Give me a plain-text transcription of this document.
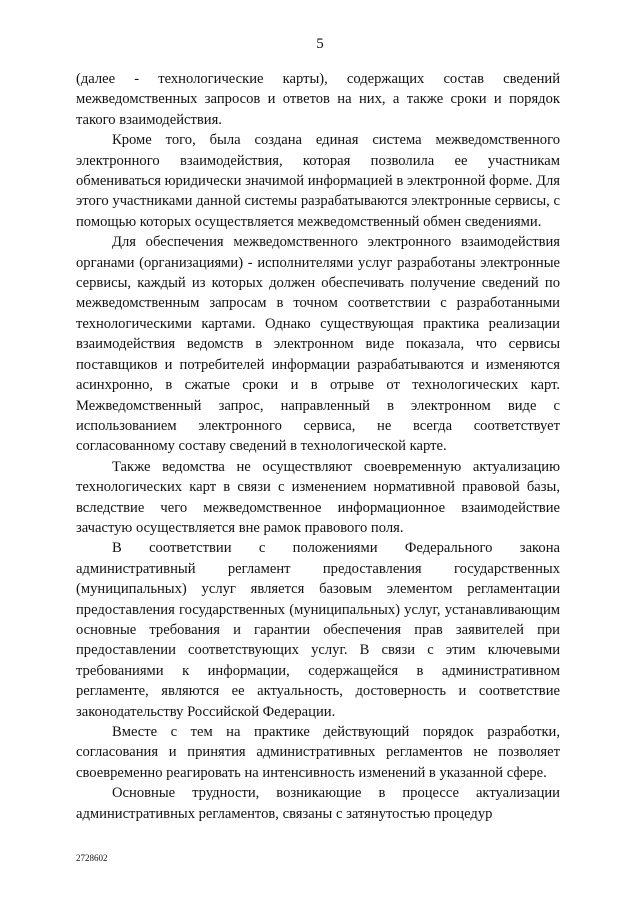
5

(далее - технологические карты), содержащих состав сведений межведомственных запросов и ответов на них, а также сроки и порядок такого взаимодействия.

Кроме того, была создана единая система межведомственного электронного взаимодействия, которая позволила ее участникам обмениваться юридически значимой информацией в электронной форме. Для этого участниками данной системы разрабатываются электронные сервисы, с помощью которых осуществляется межведомственный обмен сведениями.

Для обеспечения межведомственного электронного взаимодействия органами (организациями) - исполнителями услуг разработаны электронные сервисы, каждый из которых должен обеспечивать получение сведений по межведомственным запросам в точном соответствии с разработанными технологическими картами. Однако существующая практика реализации взаимодействия ведомств в электронном виде показала, что сервисы поставщиков и потребителей информации разрабатываются и изменяются асинхронно, в сжатые сроки и в отрыве от технологических карт. Межведомственный запрос, направленный в электронном виде с использованием электронного сервиса, не всегда соответствует согласованному составу сведений в технологической карте.

Также ведомства не осуществляют своевременную актуализацию технологических карт в связи с изменением нормативной правовой базы, вследствие чего межведомственное информационное взаимодействие зачастую осуществляется вне рамок правового поля.

В соответствии с положениями Федерального закона административный регламент предоставления государственных (муниципальных) услуг является базовым элементом регламентации предоставления государственных (муниципальных) услуг, устанавливающим основные требования и гарантии обеспечения прав заявителей при предоставлении соответствующих услуг. В связи с этим ключевыми требованиями к информации, содержащейся в административном регламенте, являются ее актуальность, достоверность и соответствие законодательству Российской Федерации.

Вместе с тем на практике действующий порядок разработки, согласования и принятия административных регламентов не позволяет своевременно реагировать на интенсивность изменений в указанной сфере.

Основные трудности, возникающие в процессе актуализации административных регламентов, связаны с затянутостью процедур

2728602
